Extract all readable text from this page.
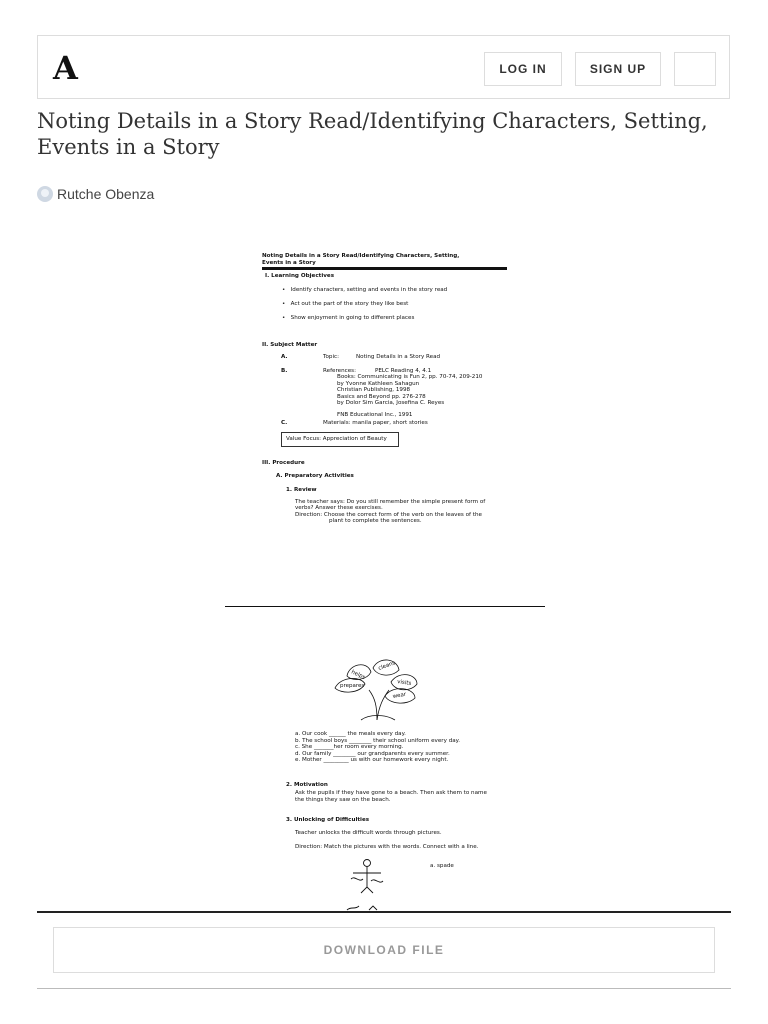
A	LOG IN	SIGN UP
Noting Details in a Story Read/Identifying Characters, Setting, Events in a Story
Rutche Obenza
Noting Details in a Story Read/Identifying Characters, Setting,
Events in a Story
I. Learning Objectives
•   Identify characters, setting and events in the story read
•   Act out the part of the story they like best
•   Show enjoyment in going to different places
II. Subject Matter
A.	Topic:	Noting Details in a Story Read
B.	References:	PELC Reading 4, 4.1
Books: Communicating is Fun 2, pp. 70-74, 209-210
by Yvonne Kathleen Sahagun
Christian Publishing, 1998
Basics and Beyond pp. 276-278
by Dolor Sim Garcia, Josefina C. Reyes
FNB Educational Inc., 1991
C.	Materials: manila paper, short stories
Value Focus: Appreciation of Beauty
III. Procedure
A. Preparatory Activities
1. Review
The teacher says: Do you still remember the simple present form of
verbs? Answer these exercises.
Direction: Choose the correct form of the verb on the leaves of the
plant to complete the sentences.
helps
cleans
prepares	visits
wear
a. Our cook ______ the meals every day.
b. The school boys ________ their school uniform every day.
c. She _______her room every morning.
d. Our family ________ our grandparents every summer.
e. Mother _________ us with our homework every night.
2. Motivation
Ask the pupils if they have gone to a beach. Then ask them to name
the things they saw on the beach.
3. Unlocking of Difficulties
Teacher unlocks the difficult words through pictures.
Direction: Match the pictures with the words. Connect with a line.
a. spade
DOWNLOAD FILE
